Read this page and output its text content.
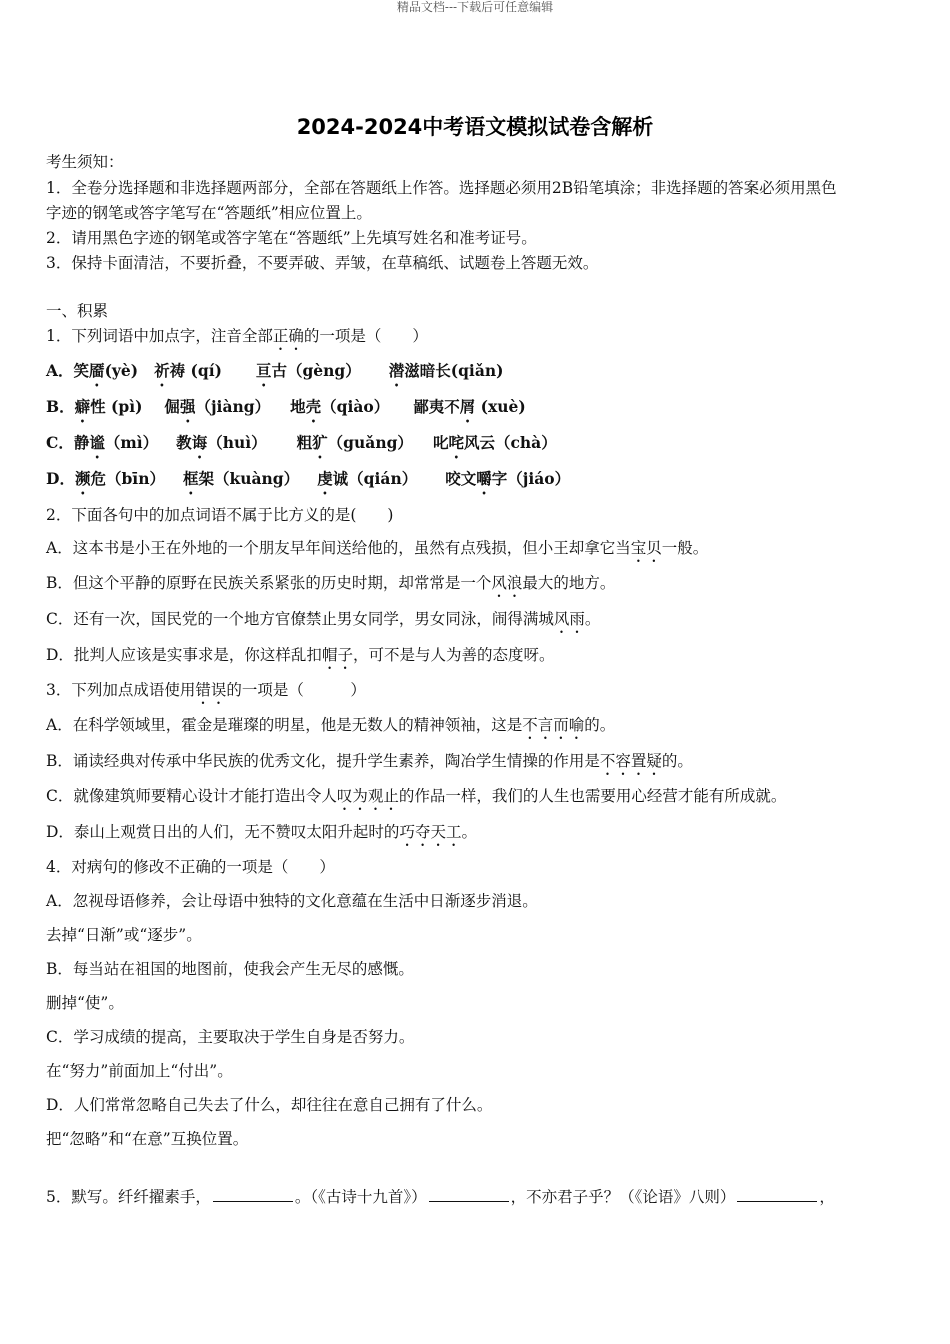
精品文档---下载后可任意编辑
2024-2024中考语文模拟试卷含解析
考生须知：
1．全卷分选择题和非选择题两部分，全部在答题纸上作答。选择题必须用2B铅笔填涂；非选择题的答案必须用黑色
字迹的钢笔或答字笔写在“答题纸”相应位置上。
2．请用黑色字迹的钢笔或答字笔在“答题纸”上先填写姓名和准考证号。
3．保持卡面清洁，不要折叠，不要弄破、弄皱，在草稿纸、试题卷上答题无效。
一、积累
1．下列词语中加点字，注音全部正确的一项是（　　）
A．笑靥(yè) 祈祷 (qí) 亘古（gèng） 潜滋暗长(qiǎn)
B．癖性 (pì) 倔强（jiàng） 地壳（qiào） 鄙夷不屑 (xuè)
C．静谧（mì） 教诲（huì） 粗犷（guǎng） 叱咤风云（chà）
D．濒危（bīn） 框架（kuàng） 虔诚（qián） 咬文嚼字（jiáo）
2．下面各句中的加点词语不属于比方义的是(　　)
A．这本书是小王在外地的一个朋友早年间送给他的，虽然有点残损，但小王却拿它当宝贝一般。
B．但这个平静的原野在民族关系紧张的历史时期，却常常是一个风浪最大的地方。
C．还有一次，国民党的一个地方官僚禁止男女同学，男女同泳，闹得满城风雨。
D．批判人应该是实事求是，你这样乱扣帽子，可不是与人为善的态度呀。
3．下列加点成语使用错误的一项是（　　　）
A．在科学领域里，霍金是璀璨的明星，他是无数人的精神领袖，这是不言而喻的。
B．诵读经典对传承中华民族的优秀文化，提升学生素养，陶冶学生情操的作用是不容置疑的。
C．就像建筑师要精心设计才能打造出令人叹为观止的作品一样，我们的人生也需要用心经营才能有所成就。
D．泰山上观赏日出的人们，无不赞叹太阳升起时的巧夺天工。
4．对病句的修改不正确的一项是（　　）
A．忽视母语修养，会让母语中独特的文化意蕴在生活中日渐逐步消退。
去掉“日渐”或“逐步”。
B．每当站在祖国的地图前，使我会产生无尽的感慨。
删掉“使”。
C．学习成绩的提高，主要取决于学生自身是否努力。
在“努力”前面加上“付出”。
D．人们常常忽略自己失去了什么，却往往在意自己拥有了什么。
把“忽略”和“在意”互换位置。
5．默写。纤纤擢素手，	。（《古诗十九首》）	，不亦君子乎？（《论语》八则）	，
